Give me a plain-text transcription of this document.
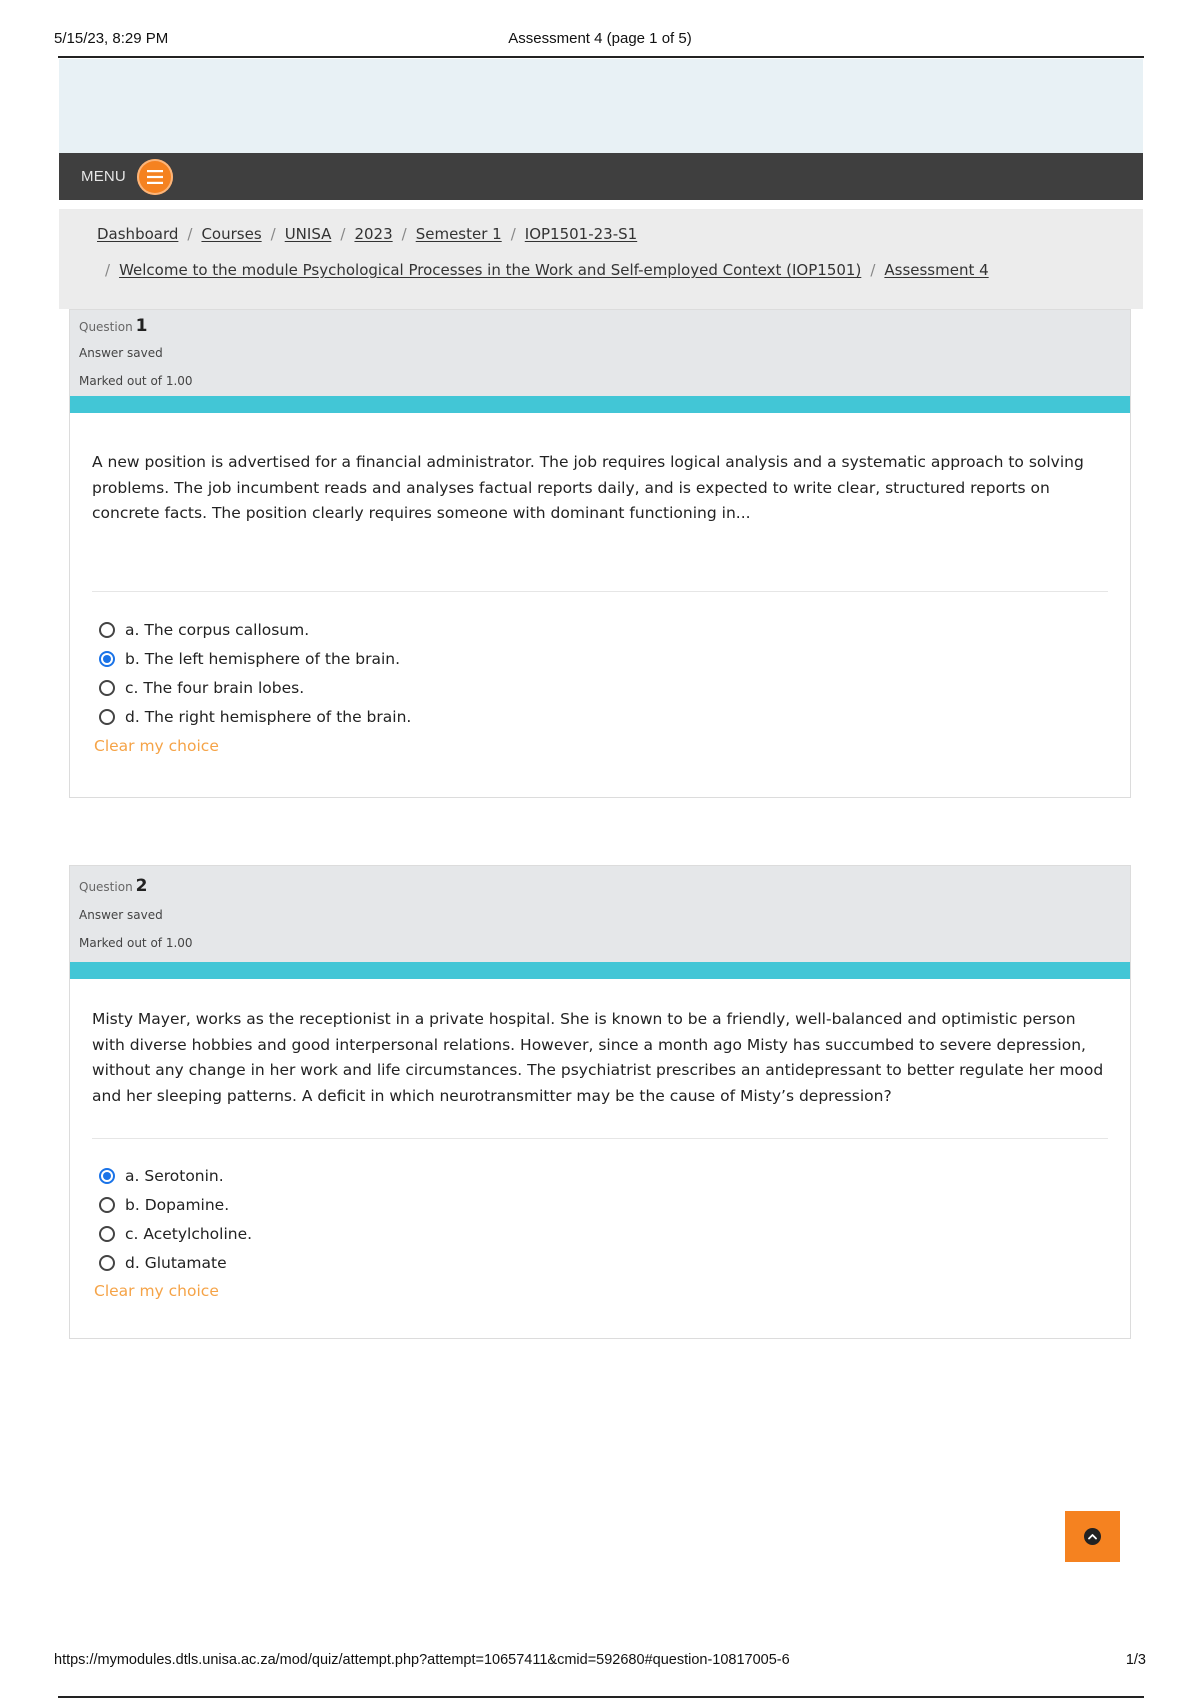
5/15/23, 8:29 PM	Assessment 4 (page 1 of 5)
MENU
Dashboard / Courses / UNISA / 2023 / Semester 1 / IOP1501-23-S1
/ Welcome to the module Psychological Processes in the Work and Self-employed Context (IOP1501) / Assessment 4
Question 1
Answer saved
Marked out of 1.00
A new position is advertised for a financial administrator. The job requires logical analysis and a systematic approach to solving problems. The job incumbent reads and analyses factual reports daily, and is expected to write clear, structured reports on concrete facts. The position clearly requires someone with dominant functioning in...
a. The corpus callosum.
b. The left hemisphere of the brain.
c. The four brain lobes.
d. The right hemisphere of the brain.
Clear my choice
Question 2
Answer saved
Marked out of 1.00
Misty Mayer, works as the receptionist in a private hospital. She is known to be a friendly, well-balanced and optimistic person with diverse hobbies and good interpersonal relations. However, since a month ago Misty has succumbed to severe depression, without any change in her work and life circumstances. The psychiatrist prescribes an antidepressant to better regulate her mood and her sleeping patterns. A deficit in which neurotransmitter may be the cause of Misty’s depression?
a. Serotonin.
b. Dopamine.
c. Acetylcholine.
d. Glutamate
Clear my choice
https://mymodules.dtls.unisa.ac.za/mod/quiz/attempt.php?attempt=10657411&cmid=592680#question-10817005-6	1/3
